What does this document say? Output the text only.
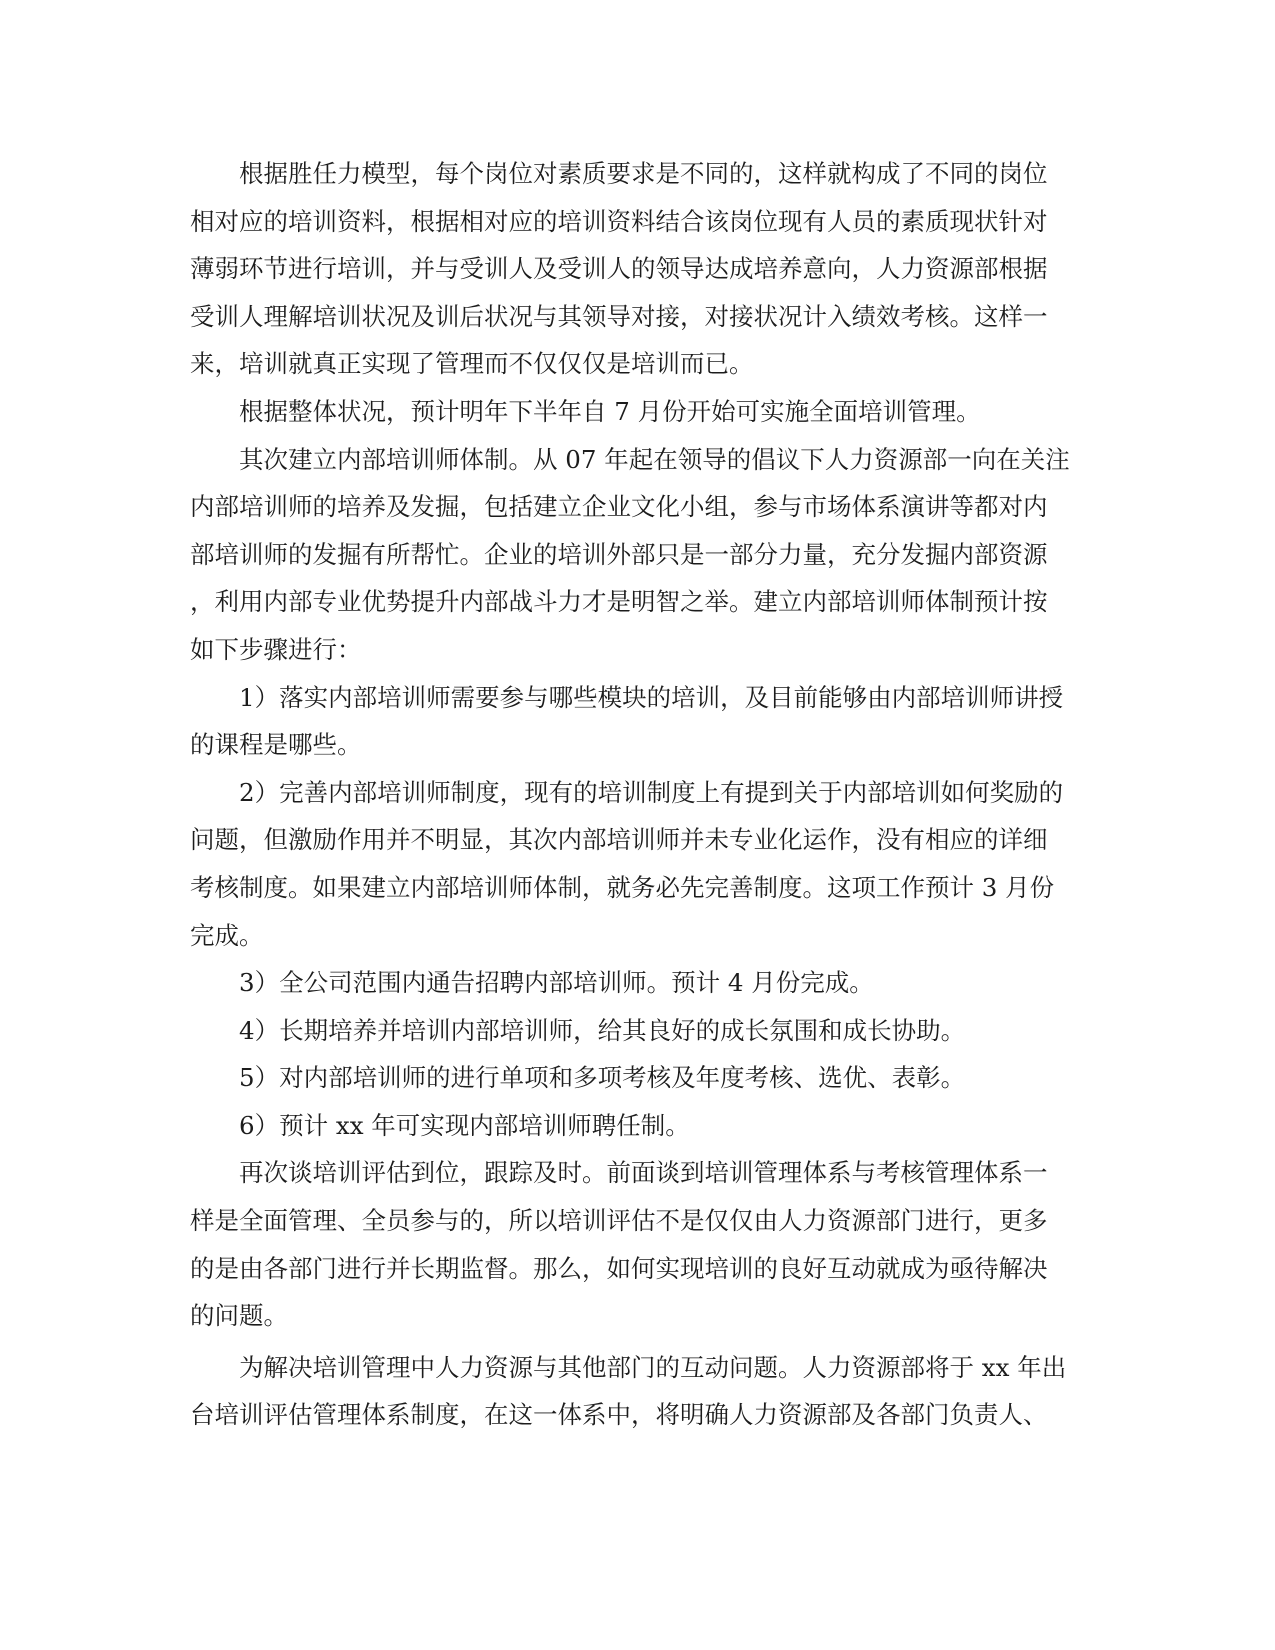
根据胜任力模型，每个岗位对素质要求是不同的，这样就构成了不同的岗位
相对应的培训资料，根据相对应的培训资料结合该岗位现有人员的素质现状针对
薄弱环节进行培训，并与受训人及受训人的领导达成培养意向，人力资源部根据
受训人理解培训状况及训后状况与其领导对接，对接状况计入绩效考核。这样一
来，培训就真正实现了管理而不仅仅仅是培训而已。
根据整体状况，预计明年下半年自 7 月份开始可实施全面培训管理。
其次建立内部培训师体制。从 07 年起在领导的倡议下人力资源部一向在关注
内部培训师的培养及发掘，包括建立企业文化小组，参与市场体系演讲等都对内
部培训师的发掘有所帮忙。企业的培训外部只是一部分力量，充分发掘内部资源
，利用内部专业优势提升内部战斗力才是明智之举。建立内部培训师体制预计按
如下步骤进行：
1）落实内部培训师需要参与哪些模块的培训，及目前能够由内部培训师讲授
的课程是哪些。
2）完善内部培训师制度，现有的培训制度上有提到关于内部培训如何奖励的
问题，但激励作用并不明显，其次内部培训师并未专业化运作，没有相应的详细
考核制度。如果建立内部培训师体制，就务必先完善制度。这项工作预计 3 月份
完成。
3）全公司范围内通告招聘内部培训师。预计 4 月份完成。
4）长期培养并培训内部培训师，给其良好的成长氛围和成长协助。
5）对内部培训师的进行单项和多项考核及年度考核、选优、表彰。
6）预计 xx 年可实现内部培训师聘任制。
再次谈培训评估到位，跟踪及时。前面谈到培训管理体系与考核管理体系一
样是全面管理、全员参与的，所以培训评估不是仅仅由人力资源部门进行，更多
的是由各部门进行并长期监督。那么，如何实现培训的良好互动就成为亟待解决
的问题。
为解决培训管理中人力资源与其他部门的互动问题。人力资源部将于 xx 年出
台培训评估管理体系制度，在这一体系中，将明确人力资源部及各部门负责人、
